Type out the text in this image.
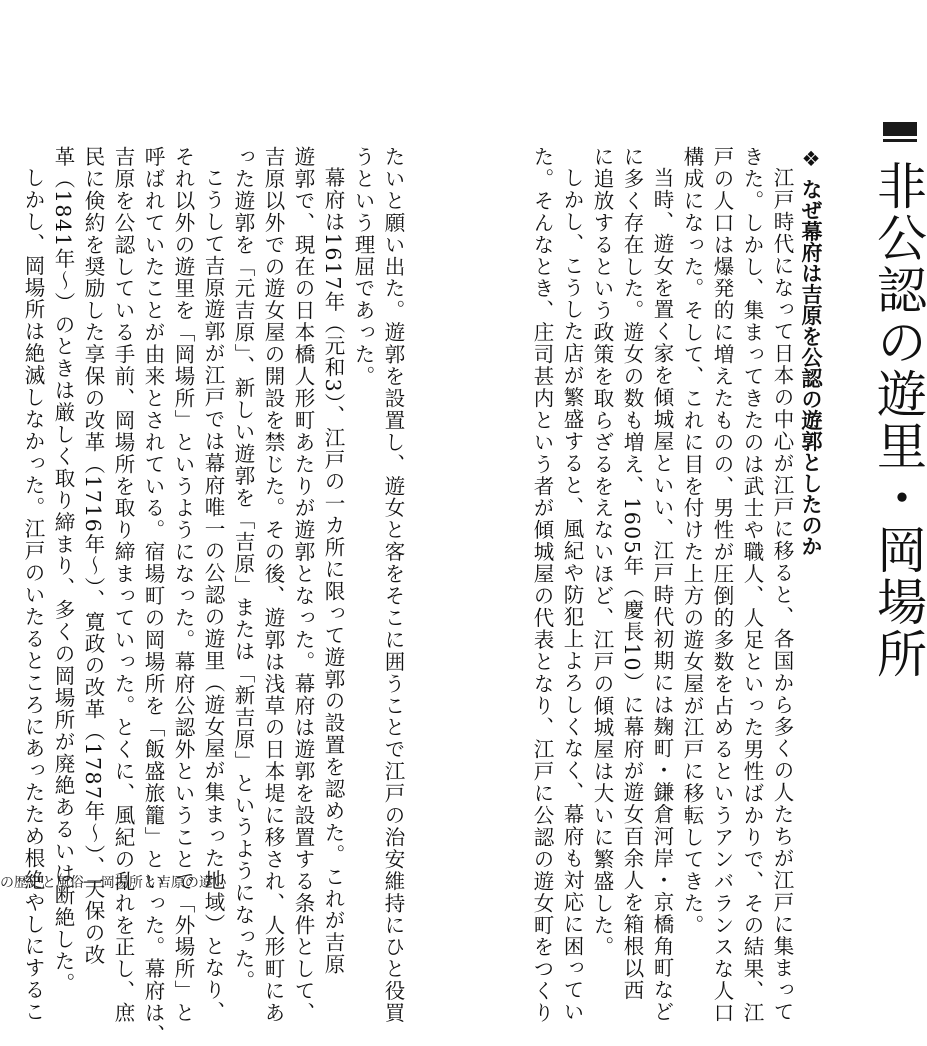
非公認の遊里・岡場所
❖ なぜ幕府は吉原を公認の遊郭としたのか
江戸時代になって日本の中心が江戸に移ると、各国から多くの人たちが江戸に集まって
きた。しかし、集まってきたのは武士や職人、人足といった男性ばかりで、その結果、江
戸の人口は爆発的に増えたものの、男性が圧倒的多数を占めるというアンバランスな人口
構成になった。そして、これに目を付けた上方の遊女屋が江戸に移転してきた。
当時、遊女を置く家を傾城屋といい、江戸時代初期には麹町・鎌倉河岸・京橋角町など
に多く存在した。遊女の数も増え、1605年（慶長10）に幕府が遊女百余人を箱根以西
に追放するという政策を取らざるをえないほど、江戸の傾城屋は大いに繁盛した。
しかし、こうした店が繁盛すると、風紀や防犯上よろしくなく、幕府も対応に困ってい
た。そんなとき、庄司甚内という者が傾城屋の代表となり、江戸に公認の遊女町をつくり
たいと願い出た。遊郭を設置し、遊女と客をそこに囲うことで江戸の治安維持にひと役買
うという理屈であった。
幕府は1617年（元和3）、江戸の一カ所に限って遊郭の設置を認めた。これが吉原
遊郭で、現在の日本橋人形町あたりが遊郭となった。幕府は遊郭を設置する条件として、
吉原以外での遊女屋の開設を禁じた。その後、遊郭は浅草の日本堤に移され、人形町にあ
った遊郭を「元吉原」、新しい遊郭を「吉原」または「新吉原」というようになった。
こうして吉原遊郭が江戸では幕府唯一の公認の遊里（遊女屋が集まった地域）となり、
それ以外の遊里を「岡場所」というようになった。幕府公認外ということで「外場所」と
呼ばれていたことが由来とされている。宿場町の岡場所を「飯盛旅籠」といった。幕府は、
吉原を公認している手前、岡場所を取り締まっていった。とくに、風紀の乱れを正し、庶
民に倹約を奨励した享保の改革（1716年〜）、寛政の改革（1787年〜）、天保の改
革（1841年〜）のときは厳しく取り締まり、多くの岡場所が廃絶あるいは断絶した。
しかし、岡場所は絶滅しなかった。江戸のいたるところにあったため根絶やしにするこ
の歴史と風俗──岡場所と吉原の違い
